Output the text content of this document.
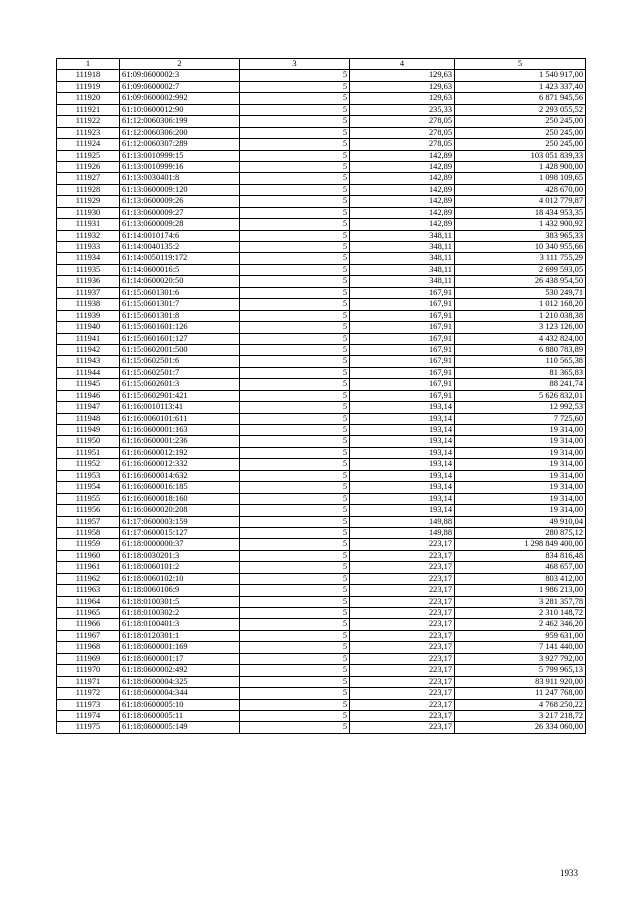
1	2	3	4	5
111918	61:09:0600002:3	5	129,63	1 540 917,00
111919	61:09:0600002:7	5	129,63	1 423 337,40
111920	61:09:0600002:992	5	129,63	6 871 945,56
111921	61:10:0600012:90	5	235,33	2 293 055,52
111922	61:12:0060306:199	5	278,05	250 245,00
111923	61:12:0060306:200	5	278,05	250 245,00
111924	61:12:0060307:289	5	278,05	250 245,00
111925	61:13:0010999:15	5	142,89	103 051 839,33
111926	61:13:0010999:16	5	142,89	1 428 900,00
111927	61:13:0030401:8	5	142,89	1 098 109,65
111928	61:13:0600009:120	5	142,89	428 670,00
111929	61:13:0600009:26	5	142,89	4 012 779,87
111930	61:13:0600009:27	5	142,89	18 434 953,35
111931	61:13:0600009:28	5	142,89	1 432 900,92
111932	61:14:0010174:6	5	348,11	383 965,33
111933	61:14:0040135:2	5	348,11	10 340 955,66
111934	61:14:0050119:172	5	348,11	3 111 755,29
111935	61:14:0600016:5	5	348,11	2 699 593,05
111936	61:14:0600020:50	5	348,11	26 438 954,50
111937	61:15:0601301:6	5	167,91	530 249,71
111938	61:15:0601301:7	5	167,91	1 012 168,20
111939	61:15:0601301:8	5	167,91	1 210 038,38
111940	61:15:0601601:126	5	167,91	3 123 126,00
111941	61:15:0601601:127	5	167,91	4 432 824,00
111942	61:15:0602001:500	5	167,91	6 880 783,89
111943	61:15:0602501:6	5	167,91	110 565,38
111944	61:15:0602501:7	5	167,91	81 365,83
111945	61:15:0602601:3	5	167,91	88 241,74
111946	61:15:0602901:421	5	167,91	5 626 832,01
111947	61:16:0010113:41	5	193,14	12 992,53
111948	61:16:0060101:611	5	193,14	7 725,60
111949	61:16:0600001:163	5	193,14	19 314,00
111950	61:16:0600001:236	5	193,14	19 314,00
111951	61:16:0600012:192	5	193,14	19 314,00
111952	61:16:0600012:332	5	193,14	19 314,00
111953	61:16:0600014:632	5	193,14	19 314,00
111954	61:16:0600016:185	5	193,14	19 314,00
111955	61:16:0600018:160	5	193,14	19 314,00
111956	61:16:0600020:208	5	193,14	19 314,00
111957	61:17:0600003:159	5	149,88	49 910,04
111958	61:17:0600015:127	5	149,88	280 875,12
111959	61:18:0000000:37	5	223,17	1 298 849 400,00
111960	61:18:0030201:3	5	223,17	834 816,48
111961	61:18:0060101:2	5	223,17	468 657,00
111962	61:18:0060102:10	5	223,17	803 412,00
111963	61:18:0060106:9	5	223,17	1 986 213,00
111964	61:18:0100301:5	5	223,17	3 281 357,78
111965	61:18:0100302:2	5	223,17	2 310 148,72
111966	61:18:0100401:3	5	223,17	2 462 346,20
111967	61:18:0120301:1	5	223,17	959 631,00
111968	61:18:0600001:169	5	223,17	7 141 440,00
111969	61:18:0600001:17	5	223,17	3 927 792,00
111970	61:18:0600002:492	5	223,17	5 799 965,13
111971	61:18:0600004:325	5	223,17	83 911 920,00
111972	61:18:0600004:344	5	223,17	11 247 768,00
111973	61:18:0600005:10	5	223,17	4 768 250,22
111974	61:18:0600005:11	5	223,17	3 217 218,72
111975	61:18:0600005:149	5	223,17	26 334 060,00
1933
